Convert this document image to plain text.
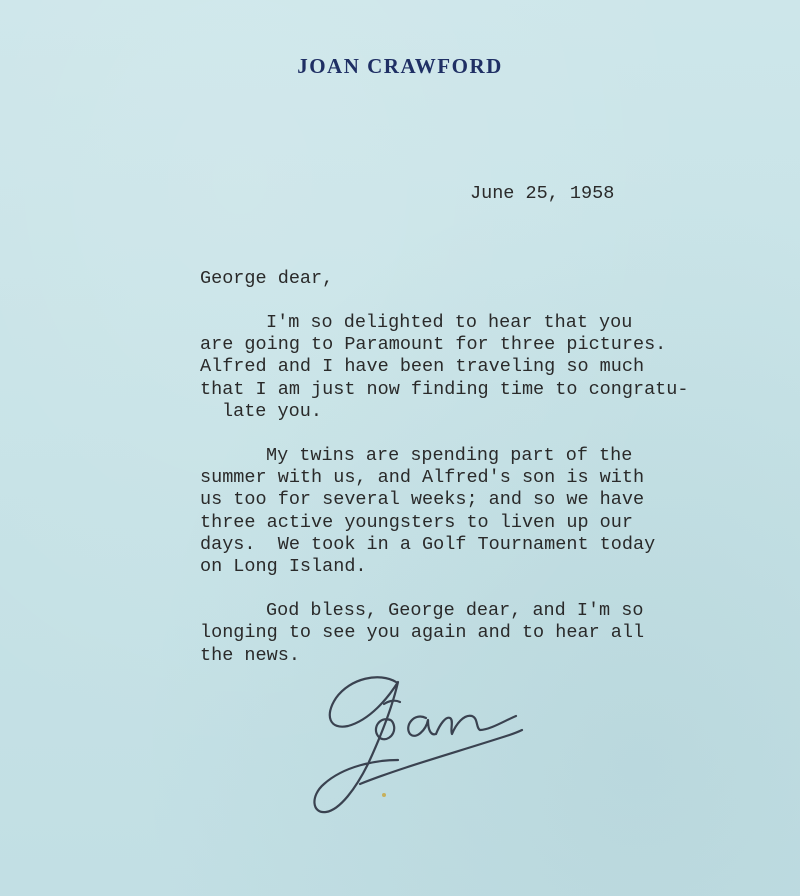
JOAN CRAWFORD
June 25, 1958
George dear,
I'm so delighted to hear that you
are going to Paramount for three pictures.
Alfred and I have been traveling so much
that I am just now finding time to congratu-
late you.
My twins are spending part of the
summer with us, and Alfred's son is with
us too for several weeks; and so we have
three active youngsters to liven up our
days.  We took in a Golf Tournament today
on Long Island.
God bless, George dear, and I'm so
longing to see you again and to hear all
the news.
